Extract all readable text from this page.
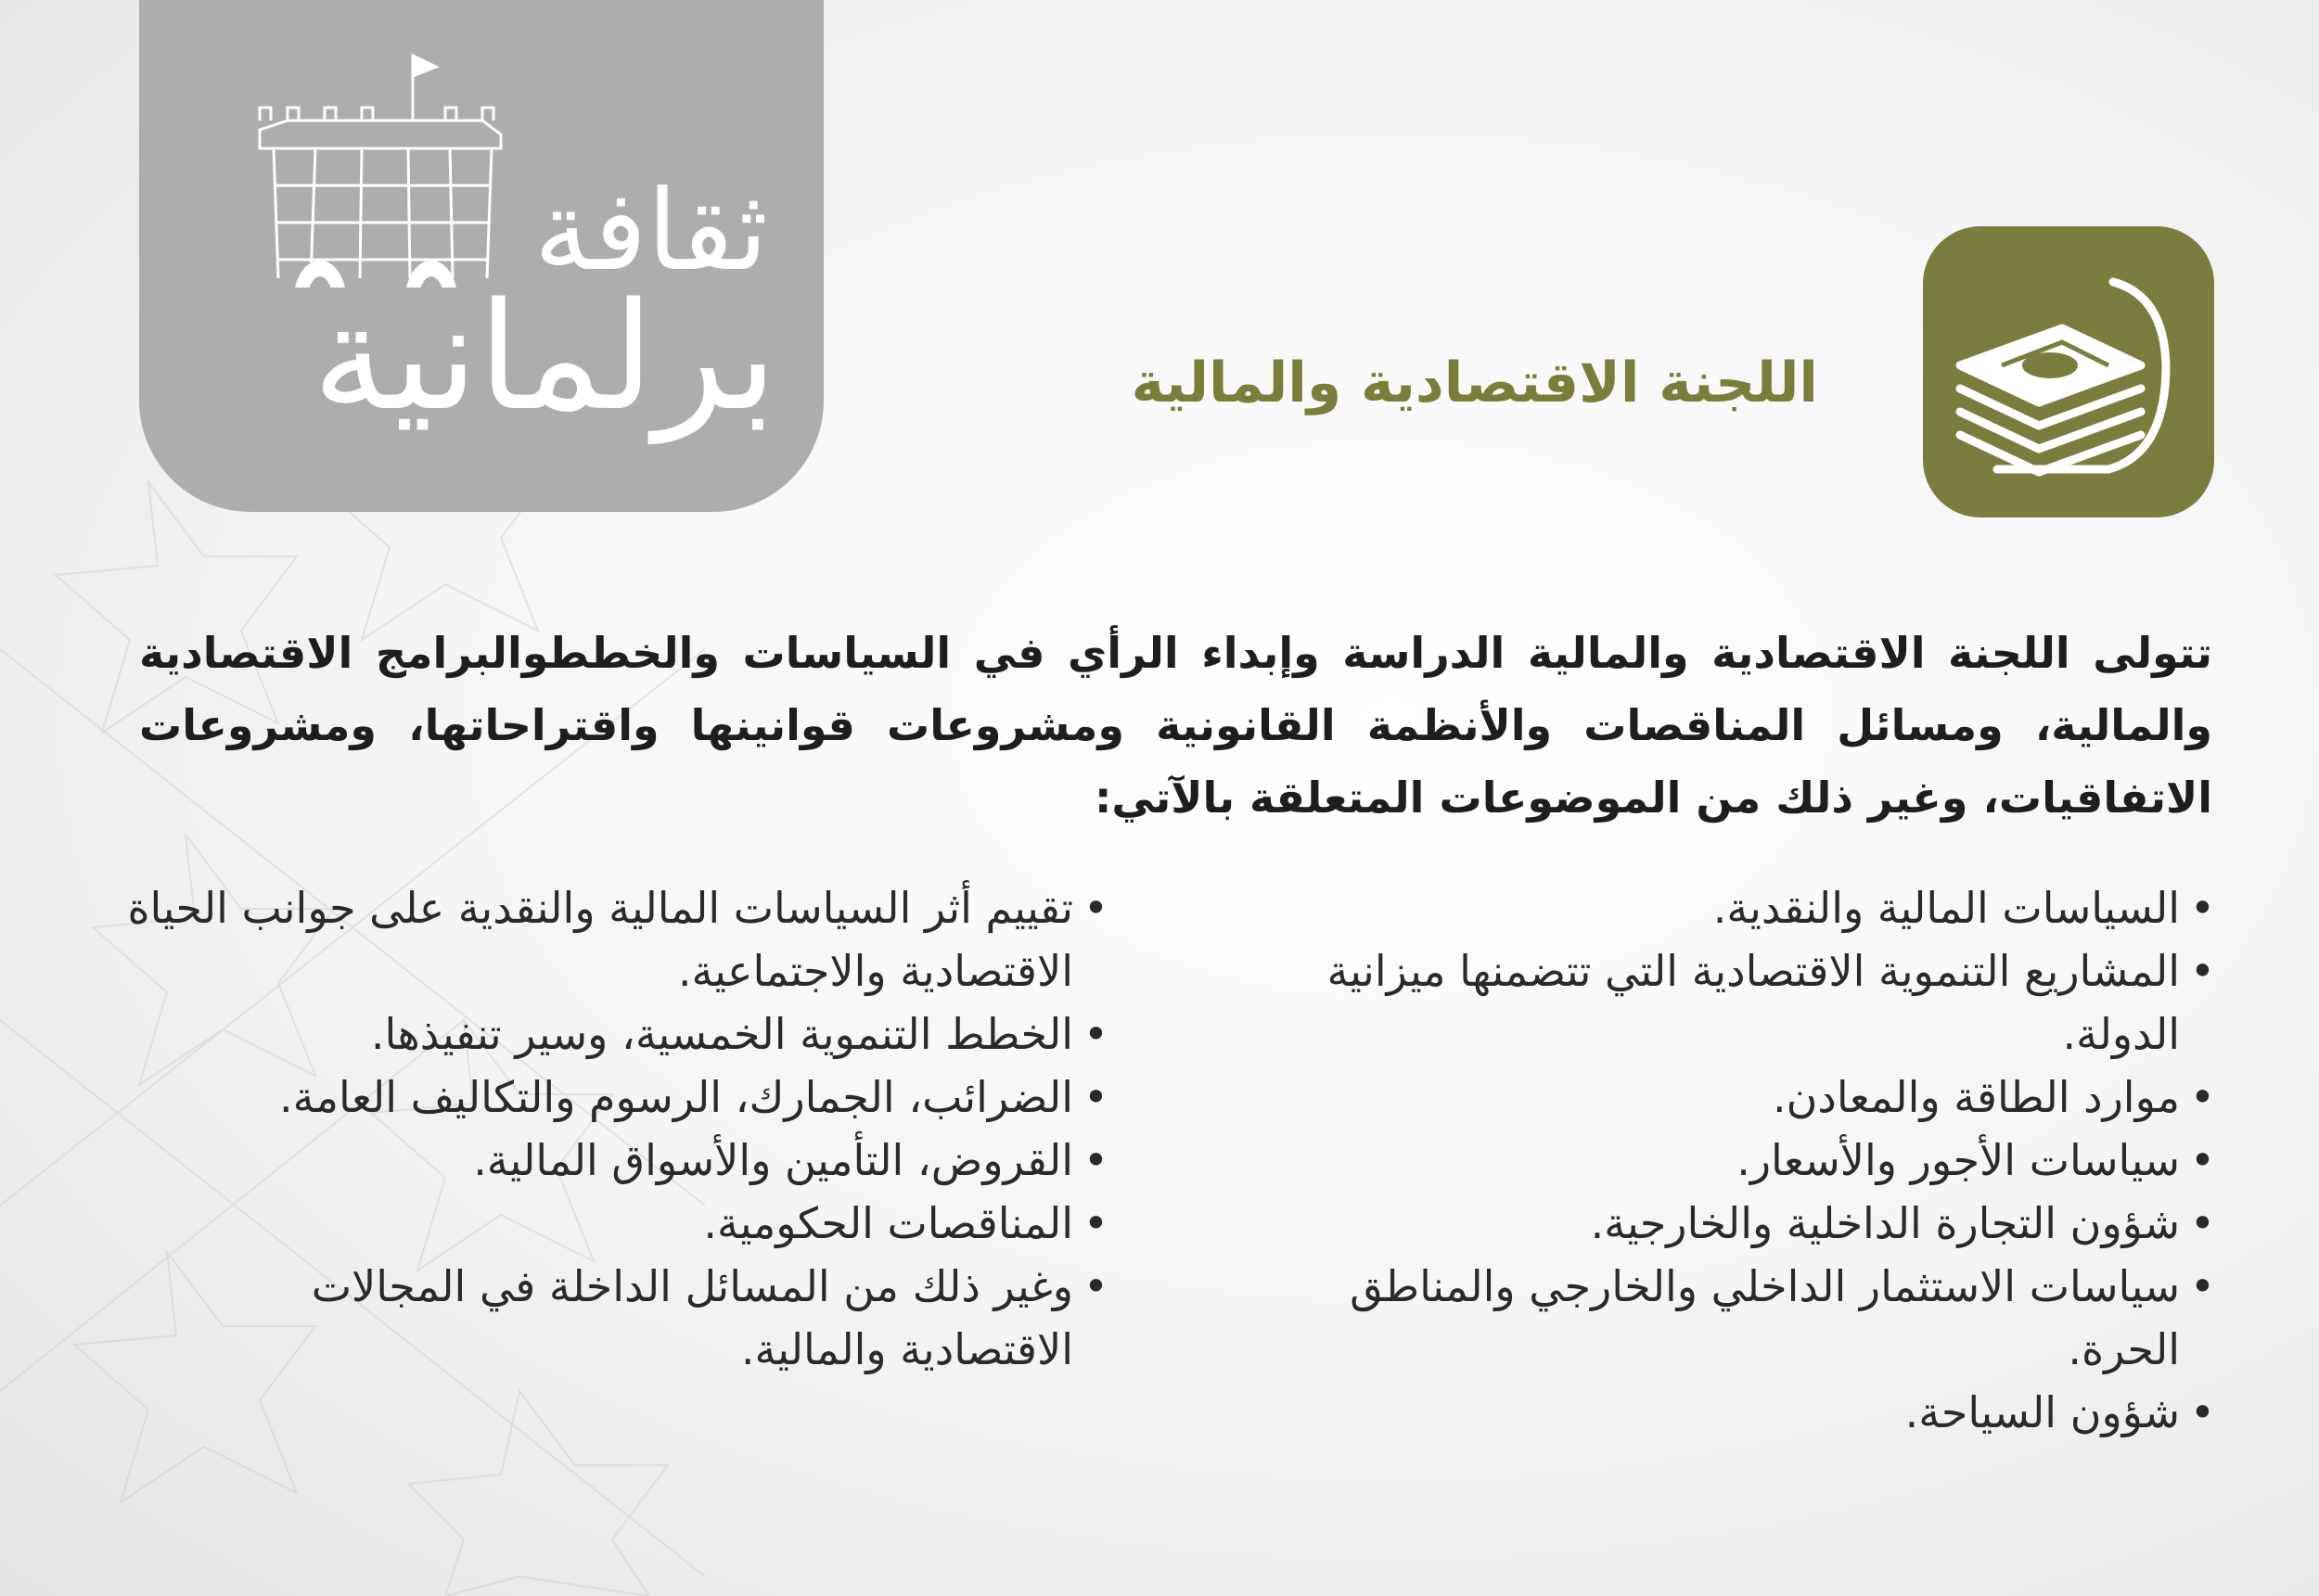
ثقافة
برلمانية	اللجنة الاقتصادية والمالية
تتولى اللجنة الاقتصادية والمالية الدراسة وإبداء الرأي في السياسات والخططوالبرامج الاقتصادية والمالية، ومسائل المناقصات والأنظمة القانونية ومشروعات قوانينها واقتراحاتها، ومشروعات الاتفاقيات، وغير ذلك من الموضوعات المتعلقة بالآتي:
• السياسات المالية والنقدية.
• المشاريع التنموية الاقتصادية التي تتضمنها ميزانية الدولة.
• موارد الطاقة والمعادن.
• سياسات الأجور والأسعار.
• شؤون التجارة الداخلية والخارجية.
• سياسات الاستثمار الداخلي والخارجي والمناطق الحرة.
• شؤون السياحة.
• تقييم أثر السياسات المالية والنقدية على جوانب الحياة الاقتصادية والاجتماعية.
• الخطط التنموية الخمسية، وسير تنفيذها.
• الضرائب، الجمارك، الرسوم والتكاليف العامة.
• القروض، التأمين والأسواق المالية.
• المناقصات الحكومية.
• وغير ذلك من المسائل الداخلة في المجالات الاقتصادية والمالية.
